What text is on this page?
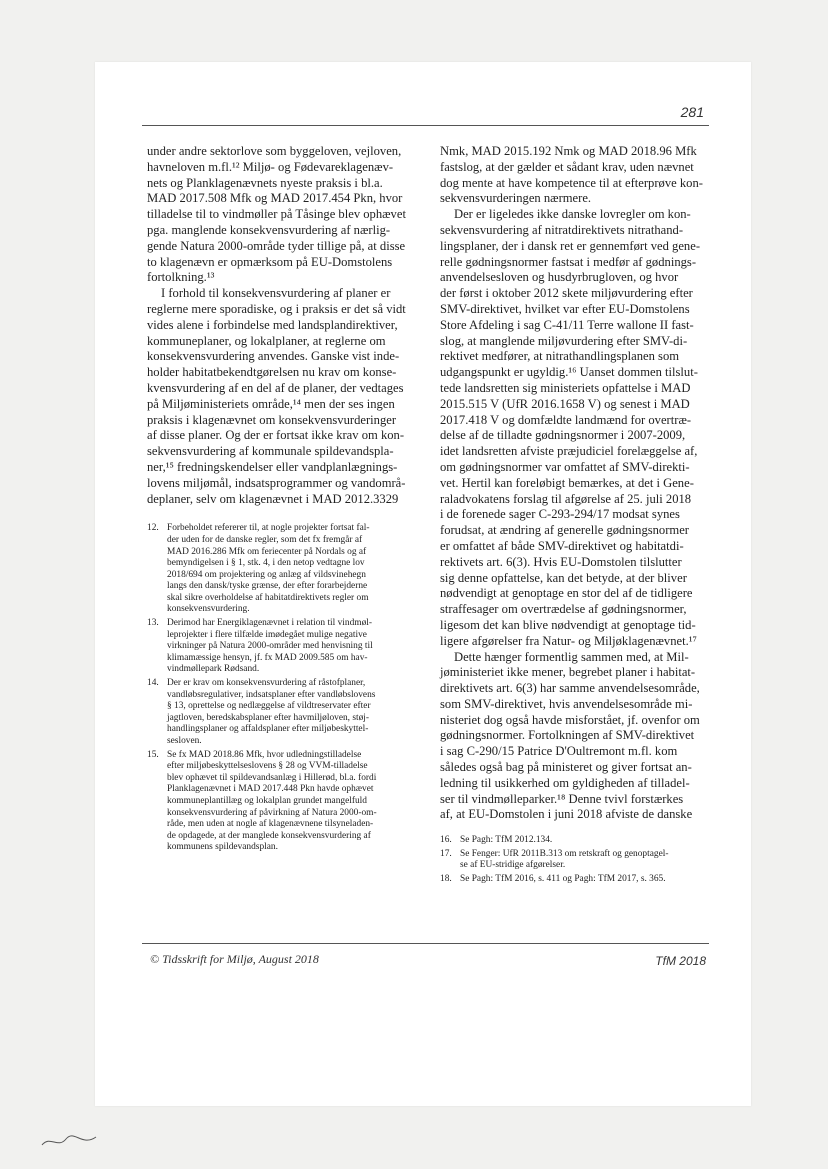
281

under andre sektorlove som byggeloven, vejloven,
havneloven m.fl.¹² Miljø- og Fødevareklagenæv-
nets og Planklagenævnets nyeste praksis i bl.a.
MAD 2017.508 Mfk og MAD 2017.454 Pkn, hvor
tilladelse til to vindmøller på Tåsinge blev ophævet
pga. manglende konsekvensvurdering af nærlig-
gende Natura 2000-område tyder tillige på, at disse
to klagenævn er opmærksom på EU-Domstolens
fortolkning.¹³

I forhold til konsekvensvurdering af planer er
reglerne mere sporadiske, og i praksis er det så vidt
vides alene i forbindelse med landsplandirektiver,
kommuneplaner, og lokalplaner, at reglerne om
konsekvensvurdering anvendes. Ganske vist inde-
holder habitatbekendtgørelsen nu krav om konse-
kvensvurdering af en del af de planer, der vedtages
på Miljøministeriets område,¹⁴ men der ses ingen
praksis i klagenævnet om konsekvensvurderinger
af disse planer. Og der er fortsat ikke krav om kon-
sekvensvurdering af kommunale spildevandspla-
ner,¹⁵ fredningskendelser eller vandplanlægnings-
lovens miljømål, indsatsprogrammer og vandområ-
deplaner, selv om klagenævnet i MAD 2012.3329

12. Forbeholdet refererer til, at nogle projekter fortsat fal-
der uden for de danske regler, som det fx fremgår af
MAD 2016.286 Mfk om feriecenter på Nordals og af
bemyndigelsen i § 1, stk. 4, i den netop vedtagne lov
2018/694 om projektering og anlæg af vildsvinehegn
langs den dansk/tyske grænse, der efter forarbejderne
skal sikre overholdelse af habitatdirektivets regler om
konsekvensvurdering.
13. Derimod har Energiklagenævnet i relation til vindmøl-
leprojekter i flere tilfælde imødegået mulige negative
virkninger på Natura 2000-områder med henvisning til
klimamæssige hensyn, jf. fx MAD 2009.585 om hav-
vindmøllepark Rødsand.
14. Der er krav om konsekvensvurdering af råstofplaner,
vandløbsregulativer, indsatsplaner efter vandløbslovens
§ 13, oprettelse og nedlæggelse af vildtreservater efter
jagtloven, beredskabsplaner efter havmiljøloven, støj-
handlingsplaner og affaldsplaner efter miljøbeskyttel-
sesloven.
15. Se fx MAD 2018.86 Mfk, hvor udledningstilladelse
efter miljøbeskyttelseslovens § 28 og VVM-tilladelse
blev ophævet til spildevandsanlæg i Hillerød, bl.a. fordi
Planklagenævnet i MAD 2017.448 Pkn havde ophævet
kommuneplantillæg og lokalplan grundet mangelfuld
konsekvensvurdering af påvirkning af Natura 2000-om-
råde, men uden at nogle af klagenævnene tilsyneladen-
de opdagede, at der manglede konsekvensvurdering af
kommunens spildevandsplan.

Nmk, MAD 2015.192 Nmk og MAD 2018.96 Mfk
fastslog, at der gælder et sådant krav, uden nævnet
dog mente at have kompetence til at efterprøve kon-
sekvensvurderingen nærmere.

Der er ligeledes ikke danske lovregler om kon-
sekvensvurdering af nitratdirektivets nitrathand-
lingsplaner, der i dansk ret er gennemført ved gene-
relle gødningsnormer fastsat i medfør af gødnings-
anvendelsesloven og husdyrbrugloven, og hvor
der først i oktober 2012 skete miljøvurdering efter
SMV-direktivet, hvilket var efter EU-Domstolens
Store Afdeling i sag C-41/11 Terre wallone II fast-
slog, at manglende miljøvurdering efter SMV-di-
rektivet medfører, at nitrathandlingsplanen som
udgangspunkt er ugyldig.¹⁶ Uanset dommen tilslut-
tede landsretten sig ministeriets opfattelse i MAD
2015.515 V (UfR 2016.1658 V) og senest i MAD
2017.418 V og domfældte landmænd for overtræ-
delse af de tilladte gødningsnormer i 2007-2009,
idet landsretten afviste præjudiciel forelæggelse af,
om gødningsnormer var omfattet af SMV-direkti-
vet. Hertil kan foreløbigt bemærkes, at det i Gene-
raladvokatens forslag til afgørelse af 25. juli 2018
i de forenede sager C-293-294/17 modsat synes
forudsat, at ændring af generelle gødningsnormer
er omfattet af både SMV-direktivet og habitatdi-
rektivets art. 6(3). Hvis EU-Domstolen tilslutter
sig denne opfattelse, kan det betyde, at der bliver
nødvendigt at genoptage en stor del af de tidligere
straffesager om overtrædelse af gødningsnormer,
ligesom det kan blive nødvendigt at genoptage tid-
ligere afgørelser fra Natur- og Miljøklagenævnet.¹⁷

Dette hænger formentlig sammen med, at Mil-
jøministeriet ikke mener, begrebet planer i habitat-
direktivets art. 6(3) har samme anvendelsesområde,
som SMV-direktivet, hvis anvendelsesområde mi-
nisteriet dog også havde misforstået, jf. ovenfor om
gødningsnormer. Fortolkningen af SMV-direktivet
i sag C-290/15 Patrice D'Oultremont m.fl. kom
således også bag på ministeret og giver fortsat an-
ledning til usikkerhed om gyldigheden af tilladel-
ser til vindmølleparker.¹⁸ Denne tvivl forstærkes
af, at EU-Domstolen i juni 2018 afviste de danske

16. Se Pagh: TfM 2012.134.
17. Se Fenger: UfR 2011B.313 om retskraft og genoptagel-
se af EU-stridige afgørelser.
18. Se Pagh: TfM 2016, s. 411 og Pagh: TfM 2017, s. 365.
© Tidsskrift for Miljø, August 2018	TfM 2018
